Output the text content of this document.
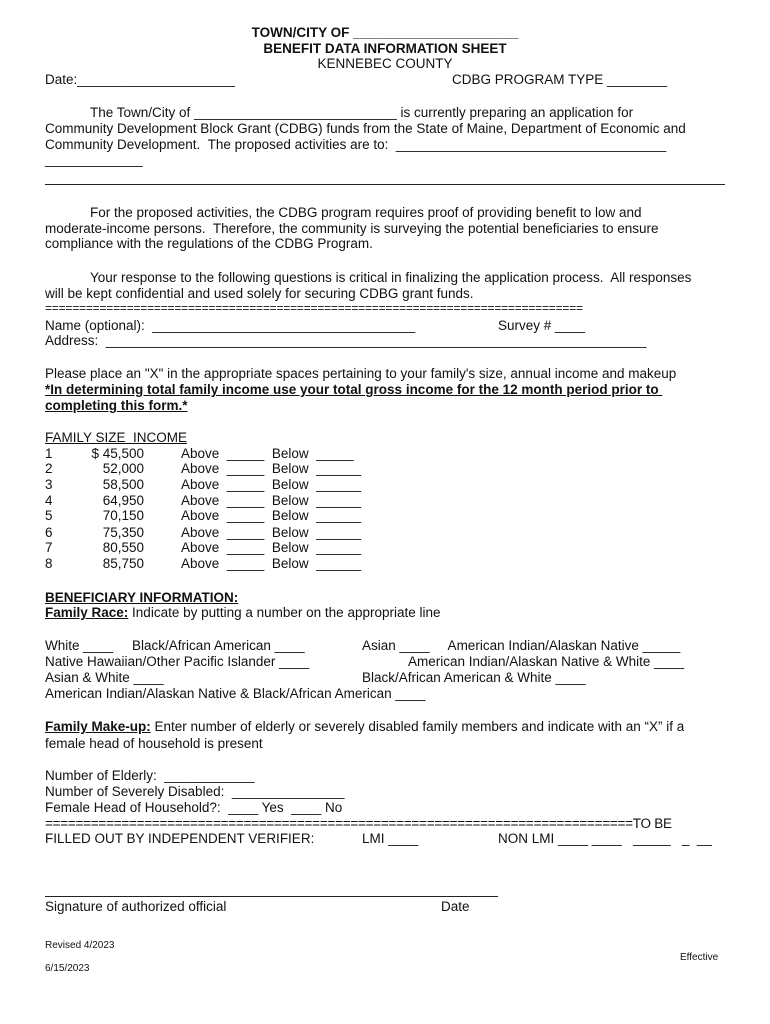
TOWN/CITY OF ______________________
BENEFIT DATA INFORMATION SHEET
KENNEBEC COUNTY
Date:_____________________	CDBG PROGRAM TYPE ________
The Town/City of ___________________________ is currently preparing an application for
Community Development Block Grant (CDBG) funds from the State of Maine, Department of Economic and
Community Development.  The proposed activities are to:  ____________________________________
_____________
For the proposed activities, the CDBG program requires proof of providing benefit to low and
moderate-income persons.  Therefore, the community is surveying the potential beneficiaries to ensure
compliance with the regulations of the CDBG Program.
Your response to the following questions is critical in finalizing the application process.  All responses
will be kept confidential and used solely for securing CDBG grant funds.
===============================================================================
Name (optional):  ___________________________________	Survey # ____
Address:  ________________________________________________________________________
Please place an "X" in the appropriate spaces pertaining to your family's size, annual income and makeup
*In determining total family income use your total gross income for the 12 month period prior to
completing this form.*
FAMILY SIZE  INCOME
1	$ 45,500	Above  _____  Below  _____
2	52,000	Above  _____  Below  ______
3	58,500	Above  _____  Below  ______
4	64,950	Above  _____  Below  ______
5	70,150	Above  _____  Below  ______
6	75,350	Above  _____  Below  ______
7	80,550	Above  _____  Below  ______
8	85,750	Above  _____  Below  ______
BENEFICIARY INFORMATION:
Family Race: Indicate by putting a number on the appropriate line
White ____     Black/African American ____	Asian ____     American Indian/Alaskan Native _____
Native Hawaiian/Other Pacific Islander ____	American Indian/Alaskan Native & White ____
Asian & White ____	Black/African American & White ____
American Indian/Alaskan Native & Black/African American ____
Family Make-up: Enter number of elderly or severely disabled family members and indicate with an “X” if a
female head of household is present
Number of Elderly:  ____________
Number of Severely Disabled:  _______________
Female Head of Household?:  ____ Yes  ____ No
=============================================================================TO BE
FILLED OUT BY INDEPENDENT VERIFIER:	LMI ____	NON LMI ____ ____   _____   _  __
Signature of authorized official	Date
Revised 4/2023
Effective
6/15/2023
